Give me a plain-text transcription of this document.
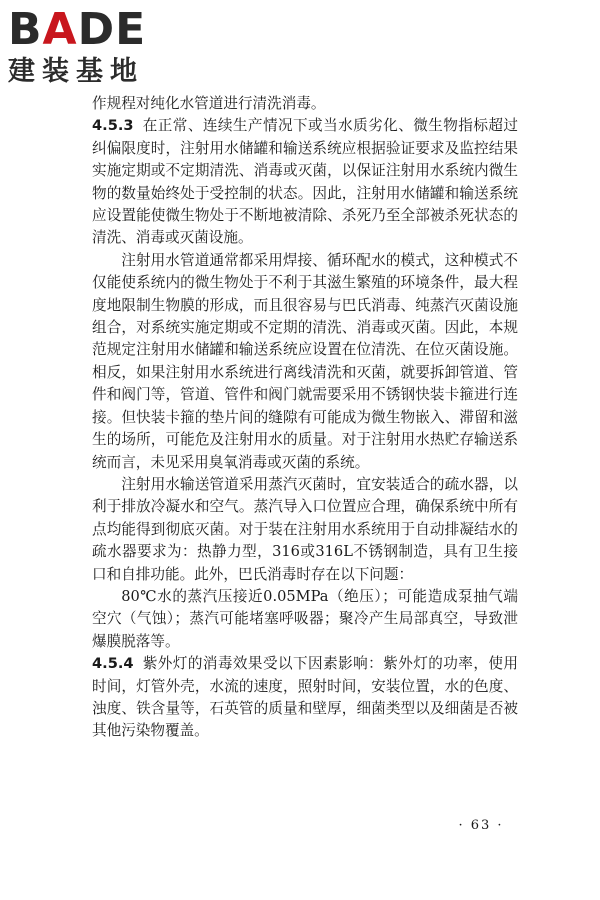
BADE
建装基地

作规程对纯化水管道进行清洗消毒。

4.5.3 在正常、连续生产情况下或当水质劣化、微生物指标超过纠偏限度时，注射用水储罐和输送系统应根据验证要求及监控结果实施定期或不定期清洗、消毒或灭菌，以保证注射用水系统内微生物的数量始终处于受控制的状态。因此，注射用水储罐和输送系统应设置能使微生物处于不断地被清除、杀死乃至全部被杀死状态的清洗、消毒或灭菌设施。

注射用水管道通常都采用焊接、循环配水的模式，这种模式不仅能使系统内的微生物处于不利于其滋生繁殖的环境条件，最大程度地限制生物膜的形成，而且很容易与巴氏消毒、纯蒸汽灭菌设施组合，对系统实施定期或不定期的清洗、消毒或灭菌。因此，本规范规定注射用水储罐和输送系统应设置在位清洗、在位灭菌设施。相反，如果注射用水系统进行离线清洗和灭菌，就要拆卸管道、管件和阀门等，管道、管件和阀门就需要采用不锈钢快装卡箍进行连接。但快装卡箍的垫片间的缝隙有可能成为微生物嵌入、滞留和滋生的场所，可能危及注射用水的质量。对于注射用水热贮存输送系统而言，未见采用臭氧消毒或灭菌的系统。

注射用水输送管道采用蒸汽灭菌时，宜安装适合的疏水器，以利于排放冷凝水和空气。蒸汽导入口位置应合理，确保系统中所有点均能得到彻底灭菌。对于装在注射用水系统用于自动排凝结水的疏水器要求为：热静力型，316或316L不锈钢制造，具有卫生接口和自排功能。此外，巴氏消毒时存在以下问题：

80℃水的蒸汽压接近0.05MPa（绝压）；可能造成泵抽气端空穴（气蚀）；蒸汽可能堵塞呼吸器；聚冷产生局部真空，导致泄爆膜脱落等。

4.5.4 紫外灯的消毒效果受以下因素影响：紫外灯的功率，使用时间，灯管外壳，水流的速度，照射时间，安装位置，水的色度、浊度、铁含量等，石英管的质量和壁厚，细菌类型以及细菌是否被其他污染物覆盖。

· 63 ·
